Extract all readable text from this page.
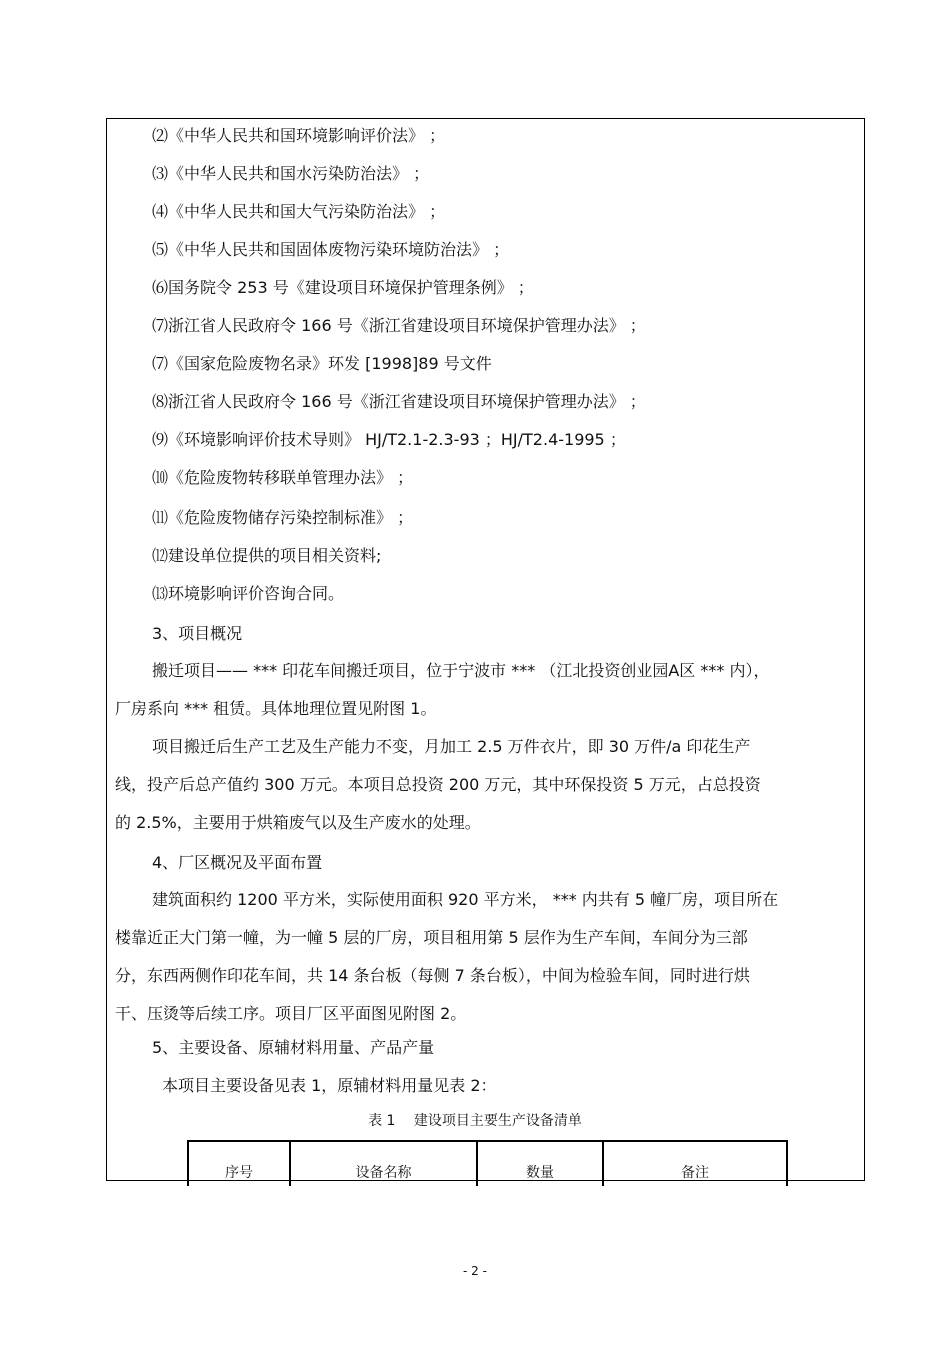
⑵《中华人民共和国环境影响评价法》 ；
⑶《中华人民共和国水污染防治法》 ；
⑷《中华人民共和国大气污染防治法》 ；
⑸《中华人民共和国固体废物污染环境防治法》 ；
⑹国务院令 253 号《建设项目环境保护管理条例》 ；
⑺浙江省人民政府令 166 号《浙江省建设项目环境保护管理办法》 ；
⑺《国家危险废物名录》环发 [1998]89 号文件
⑻浙江省人民政府令 166 号《浙江省建设项目环境保护管理办法》 ；
⑼《环境影响评价技术导则》 HJ/T2.1-2.3-93 ；HJ/T2.4-1995 ；
⑽《危险废物转移联单管理办法》 ；
⑾《危险废物储存污染控制标准》 ；
⑿建设单位提供的项目相关资料;
⒀环境影响评价咨询合同。
3、项目概况
搬迁项目—— *** 印花车间搬迁项目，位于宁波市 *** （江北投资创业园A区 *** 内），
厂房系向 *** 租赁。具体地理位置见附图 1。
项目搬迁后生产工艺及生产能力不变，月加工 2.5 万件衣片，即 30 万件/a 印花生产
线，投产后总产值约 300 万元。本项目总投资 200 万元，其中环保投资 5 万元，占总投资
的 2.5%，主要用于烘箱废气以及生产废水的处理。
4、厂区概况及平面布置
建筑面积约 1200 平方米，实际使用面积 920 平方米， *** 内共有 5 幢厂房，项目所在
楼靠近正大门第一幢，为一幢 5 层的厂房，项目租用第 5 层作为生产车间，车间分为三部
分，东西两侧作印花车间，共 14 条台板（每侧 7 条台板），中间为检验车间，同时进行烘
干、压烫等后续工序。项目厂区平面图见附图 2。
5、主要设备、原辅材料用量、产品产量
本项目主要设备见表 1，原辅材料用量见表 2：
表 1　 建设项目主要生产设备清单
序号	设备名称	数量	备注
- 2 -
